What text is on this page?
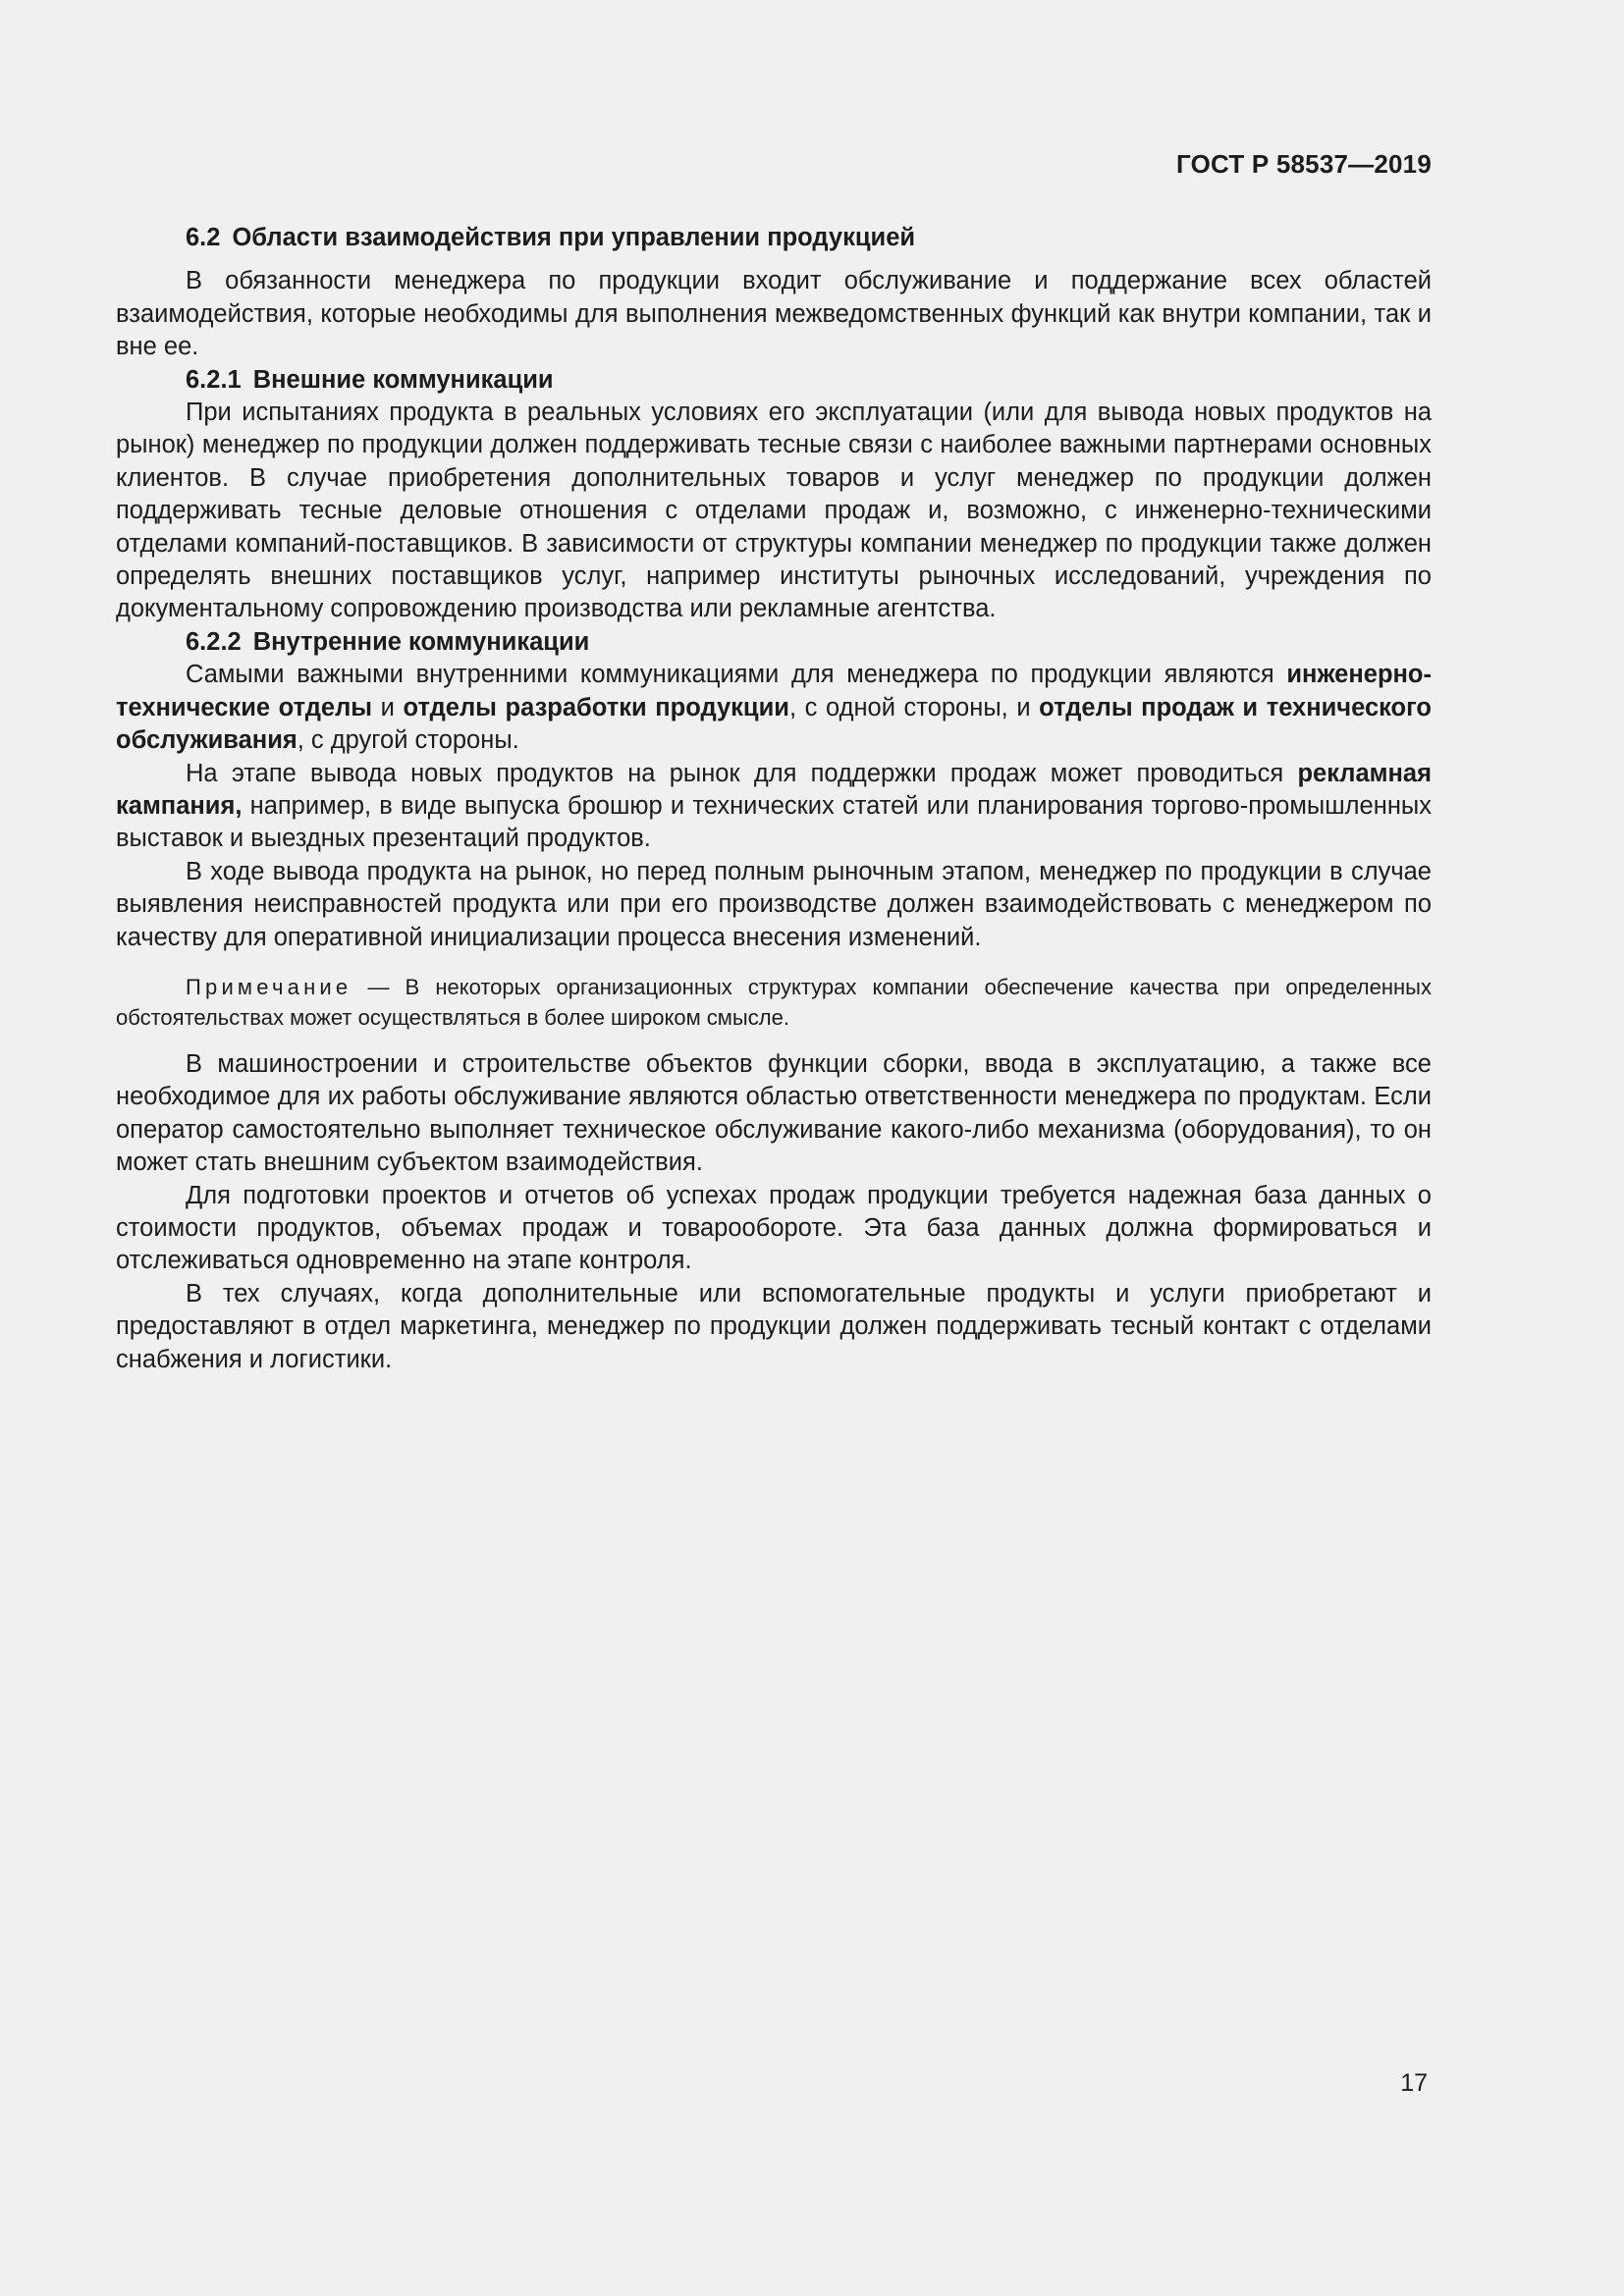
ГОСТ Р 58537—2019

6.2 Области взаимодействия при управлении продукцией

В обязанности менеджера по продукции входит обслуживание и поддержание всех областей взаимодействия, которые необходимы для выполнения межведомственных функций как внутри компании, так и вне ее.

6.2.1 Внешние коммуникации

При испытаниях продукта в реальных условиях его эксплуатации (или для вывода новых продуктов на рынок) менеджер по продукции должен поддерживать тесные связи с наиболее важными партнерами основных клиентов. В случае приобретения дополнительных товаров и услуг менеджер по продукции должен поддерживать тесные деловые отношения с отделами продаж и, возможно, с инженерно-техническими отделами компаний-поставщиков. В зависимости от структуры компании менеджер по продукции также должен определять внешних поставщиков услуг, например институты рыночных исследований, учреждения по документальному сопровождению производства или рекламные агентства.

6.2.2 Внутренние коммуникации

Самыми важными внутренними коммуникациями для менеджера по продукции являются инженерно-технические отделы и отделы разработки продукции, с одной стороны, и отделы продаж и технического обслуживания, с другой стороны.

На этапе вывода новых продуктов на рынок для поддержки продаж может проводиться рекламная кампания, например, в виде выпуска брошюр и технических статей или планирования торгово-промышленных выставок и выездных презентаций продуктов.

В ходе вывода продукта на рынок, но перед полным рыночным этапом, менеджер по продукции в случае выявления неисправностей продукта или при его производстве должен взаимодействовать с менеджером по качеству для оперативной инициализации процесса внесения изменений.

Примечание — В некоторых организационных структурах компании обеспечение качества при определенных обстоятельствах может осуществляться в более широком смысле.

В машиностроении и строительстве объектов функции сборки, ввода в эксплуатацию, а также все необходимое для их работы обслуживание являются областью ответственности менеджера по продуктам. Если оператор самостоятельно выполняет техническое обслуживание какого-либо механизма (оборудования), то он может стать внешним субъектом взаимодействия.

Для подготовки проектов и отчетов об успехах продаж продукции требуется надежная база данных о стоимости продуктов, объемах продаж и товарообороте. Эта база данных должна формироваться и отслеживаться одновременно на этапе контроля.

В тех случаях, когда дополнительные или вспомогательные продукты и услуги приобретают и предоставляют в отдел маркетинга, менеджер по продукции должен поддерживать тесный контакт с отделами снабжения и логистики.

17
